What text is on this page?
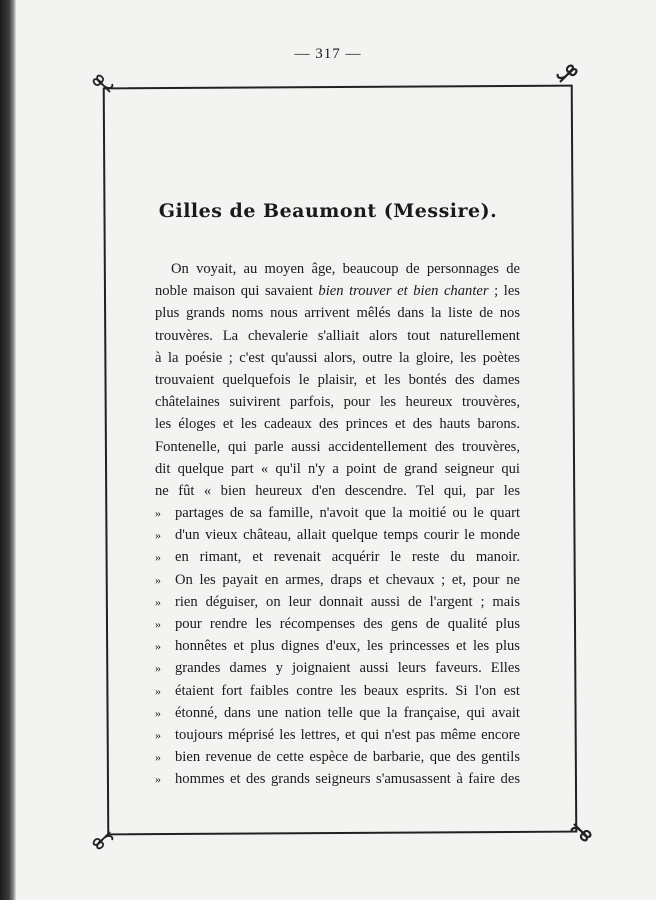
— 317 —
Gilles de Beaumont (Messire).
On voyait, au moyen âge, beaucoup de personnages de
noble maison qui savaient bien trouver et bien chanter ; les
plus grands noms nous arrivent mêlés dans la liste de nos
trouvères. La chevalerie s'alliait alors tout naturellement
à la poésie ; c'est qu'aussi alors, outre la gloire, les poètes
trouvaient quelquefois le plaisir, et les bontés des dames
châtelaines suivirent parfois, pour les heureux trouvères,
les éloges et les cadeaux des princes et des hauts barons.
Fontenelle, qui parle aussi accidentellement des trouvères,
dit quelque part « qu'il n'y a point de grand seigneur qui
ne fût « bien heureux d'en descendre. Tel qui, par les
» partages de sa famille, n'avoit que la moitié ou le quart
» d'un vieux château, allait quelque temps courir le monde
» en rimant, et revenait acquérir le reste du manoir.
» On les payait en armes, draps et chevaux ; et, pour ne
» rien déguiser, on leur donnait aussi de l'argent ; mais
» pour rendre les récompenses des gens de qualité plus
» honnêtes et plus dignes d'eux, les princesses et les plus
» grandes dames y joignaient aussi leurs faveurs. Elles
» étaient fort faibles contre les beaux esprits. Si l'on est
» étonné, dans une nation telle que la française, qui avait
» toujours méprisé les lettres, et qui n'est pas même encore
» bien revenue de cette espèce de barbarie, que des gentils
» hommes et des grands seigneurs s'amusassent à faire des
